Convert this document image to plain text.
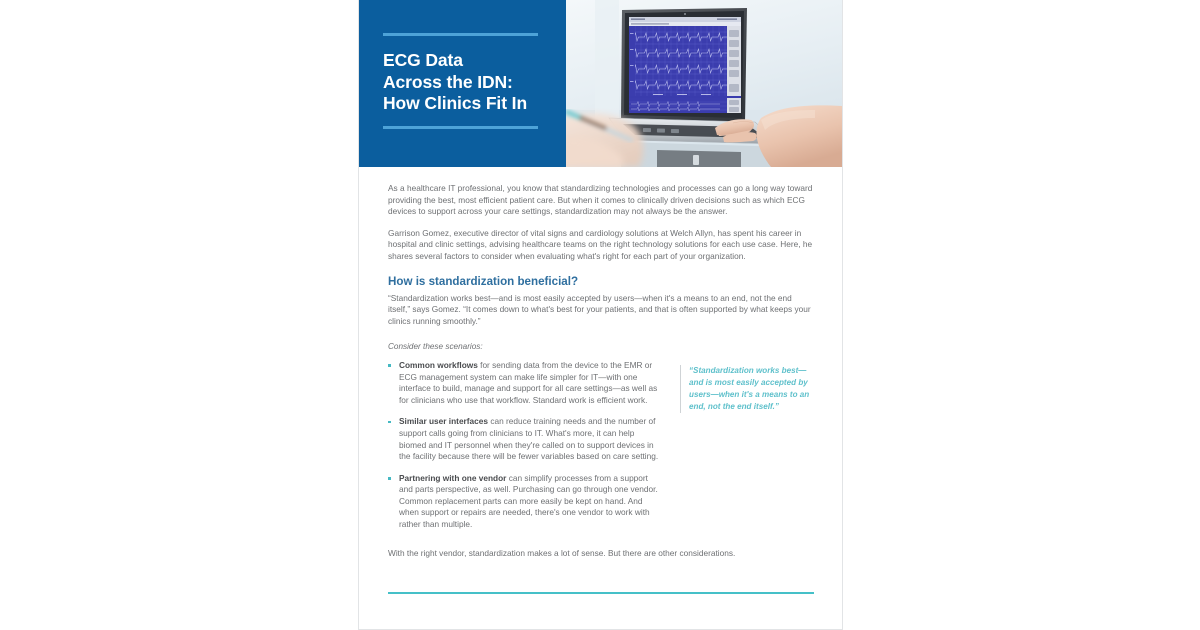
ECG Data
Across the IDN:
How Clinics Fit In

As a healthcare IT professional, you know that standardizing technologies and processes can go a long way toward providing the best, most efficient patient care. But when it comes to clinically driven decisions such as which ECG devices to support across your care settings, standardization may not always be the answer.

Garrison Gomez, executive director of vital signs and cardiology solutions at Welch Allyn, has spent his career in hospital and clinic settings, advising healthcare teams on the right technology solutions for each use case. Here, he shares several factors to consider when evaluating what's right for each part of your organization.

How is standardization beneficial?

“Standardization works best—and is most easily accepted by users—when it's a means to an end, not the end itself,” says Gomez. “It comes down to what's best for your patients, and that is often supported by what keeps your clinics running smoothly.”

Consider these scenarios:

Common workflows for sending data from the device to the EMR or ECG management system can make life simpler for IT—with one interface to build, manage and support for all care settings—as well as for clinicians who use that workflow. Standard work is efficient work.
Similar user interfaces can reduce training needs and the number of support calls going from clinicians to IT. What's more, it can help biomed and IT personnel when they're called on to support devices in the facility because there will be fewer variables based on care setting.
Partnering with one vendor can simplify processes from a support and parts perspective, as well. Purchasing can go through one vendor. Common replacement parts can more easily be kept on hand. And when support or repairs are needed, there's one vendor to work with rather than multiple.
“Standardization works best—and is most easily accepted by users—when it's a means to an end, not the end itself.”

With the right vendor, standardization makes a lot of sense. But there are other considerations.
